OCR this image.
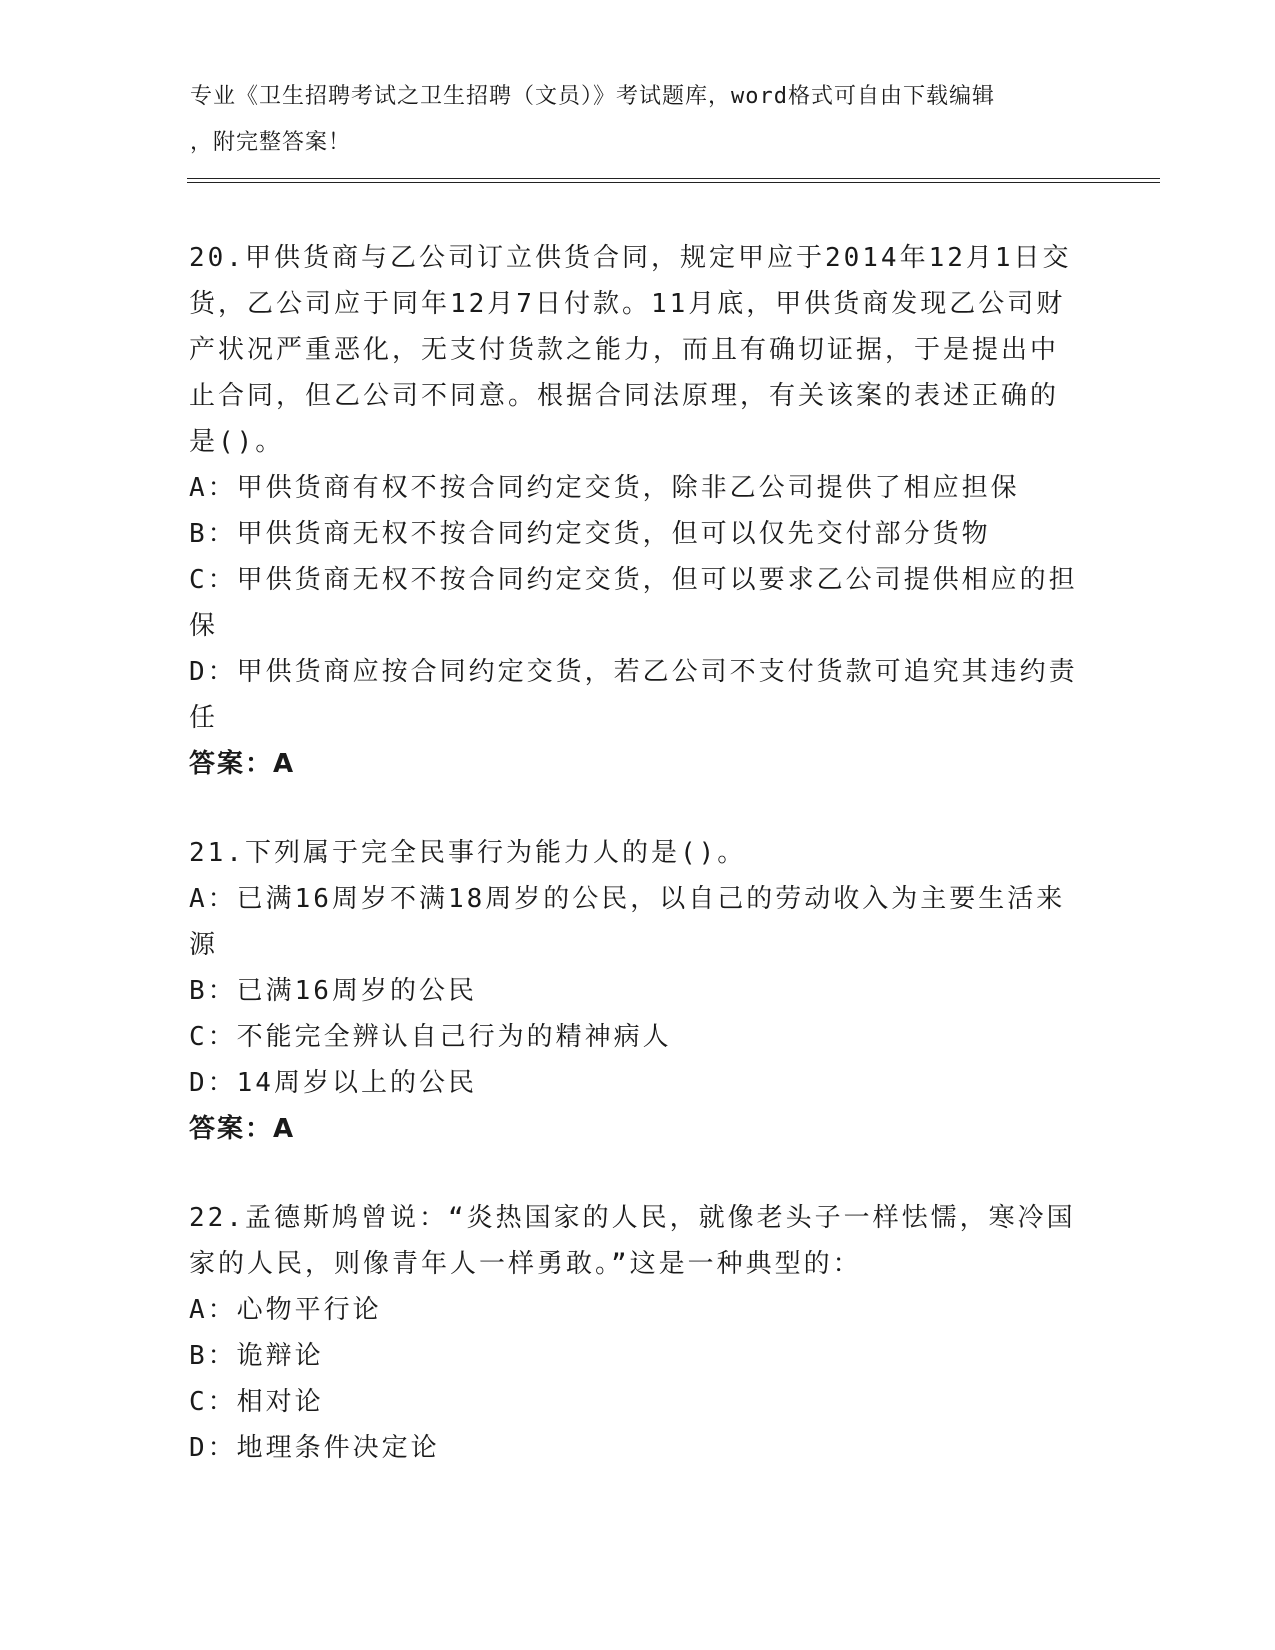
专业《卫生招聘考试之卫生招聘（文员）》考试题库，word格式可自由下载编辑
，附完整答案！
20.甲供货商与乙公司订立供货合同，规定甲应于2014年12月1日交
货，乙公司应于同年12月7日付款。11月底，甲供货商发现乙公司财
产状况严重恶化，无支付货款之能力，而且有确切证据，于是提出中
止合同，但乙公司不同意。根据合同法原理，有关该案的表述正确的
是()。
A：甲供货商有权不按合同约定交货，除非乙公司提供了相应担保
B：甲供货商无权不按合同约定交货，但可以仅先交付部分货物
C：甲供货商无权不按合同约定交货，但可以要求乙公司提供相应的担
保
D：甲供货商应按合同约定交货，若乙公司不支付货款可追究其违约责
任
答案：A
21.下列属于完全民事行为能力人的是()。
A：已满16周岁不满18周岁的公民，以自己的劳动收入为主要生活来
源
B：已满16周岁的公民
C：不能完全辨认自己行为的精神病人
D：14周岁以上的公民
答案：A
22.孟德斯鸠曾说：“炎热国家的人民，就像老头子一样怯懦，寒冷国
家的人民，则像青年人一样勇敢。”这是一种典型的：
A：心物平行论
B：诡辩论
C：相对论
D：地理条件决定论
